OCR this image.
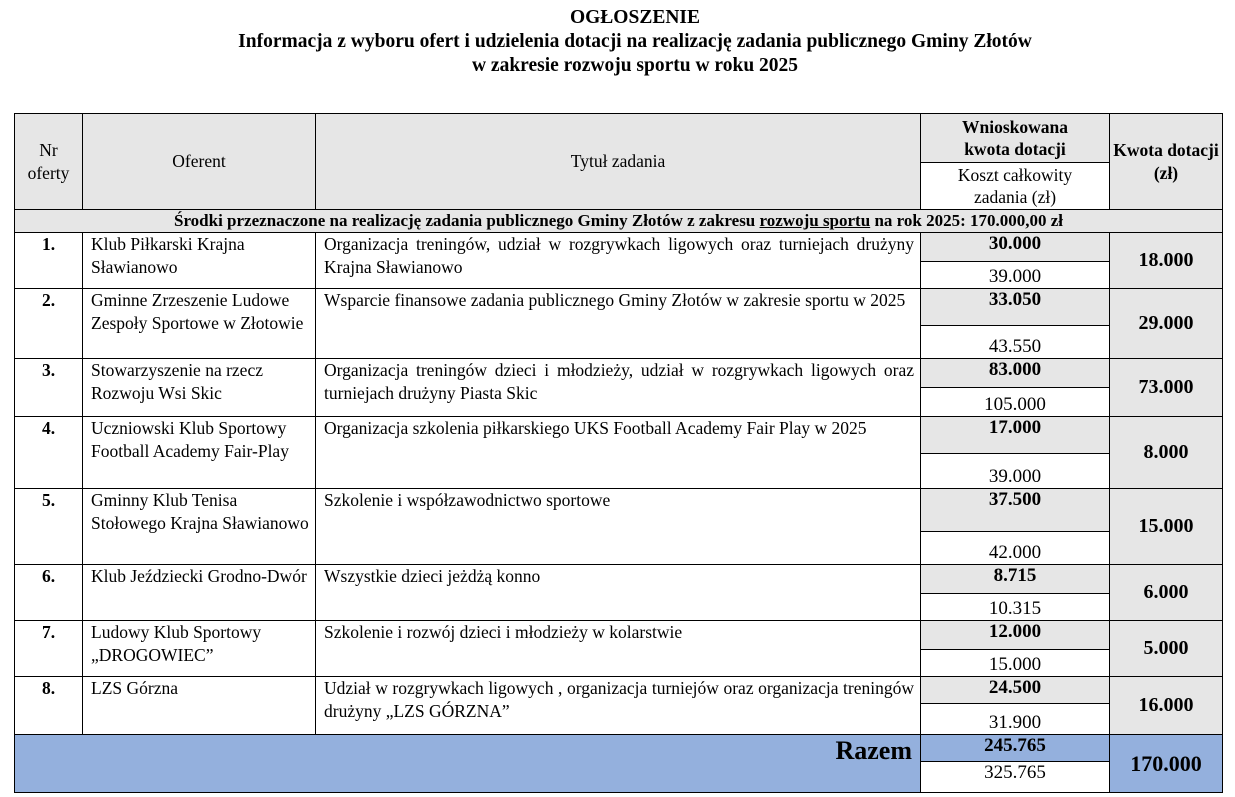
OGŁOSZENIE
Informacja z wyboru ofert i udzielenia dotacji na realizację zadania publicznego Gminy Złotów
w zakresie rozwoju sportu w roku 2025
Nr oferty	Oferent	Tytuł zadania	Wnioskowana kwota dotacji	Kwota dotacji (zł)
			Koszt całkowity zadania (zł)	
Środki przeznaczone na realizację zadania publicznego Gminy Złotów z zakresu rozwoju sportu na rok 2025: 170.000,00 zł				
1.	Klub Piłkarski Krajna Sławianowo	Organizacja treningów, udział w rozgrywkach ligowych oraz turniejach drużyny Krajna Sławianowo	30.000	18.000
			39.000	
2.	Gminne Zrzeszenie Ludowe Zespoły Sportowe w Złotowie	Wsparcie finansowe zadania publicznego Gminy Złotów w zakresie sportu w 2025	33.050	29.000
			43.550	
3.	Stowarzyszenie na rzecz Rozwoju Wsi Skic	Organizacja treningów dzieci i młodzieży, udział w rozgrywkach ligowych oraz turniejach drużyny Piasta Skic	83.000	73.000
			105.000	
4.	Uczniowski Klub Sportowy Football Academy Fair-Play	Organizacja szkolenia piłkarskiego UKS Football Academy Fair Play w 2025	17.000	8.000
			39.000	
5.	Gminny Klub Tenisa Stołowego Krajna Sławianowo	Szkolenie i współzawodnictwo sportowe	37.500	15.000
			42.000	
6.	Klub Jeździecki Grodno-Dwór	Wszystkie dzieci jeżdżą konno	8.715	6.000
			10.315	
7.	Ludowy Klub Sportowy „DROGOWIEC”	Szkolenie i rozwój dzieci i młodzieży w kolarstwie	12.000	5.000
			15.000	
8.	LZS Górzna	Udział w rozgrywkach ligowych , organizacja turniejów oraz organizacja treningów drużyny „LZS GÓRZNA”	24.500	16.000
			31.900	
Razem			245.765	170.000
			325.765	
